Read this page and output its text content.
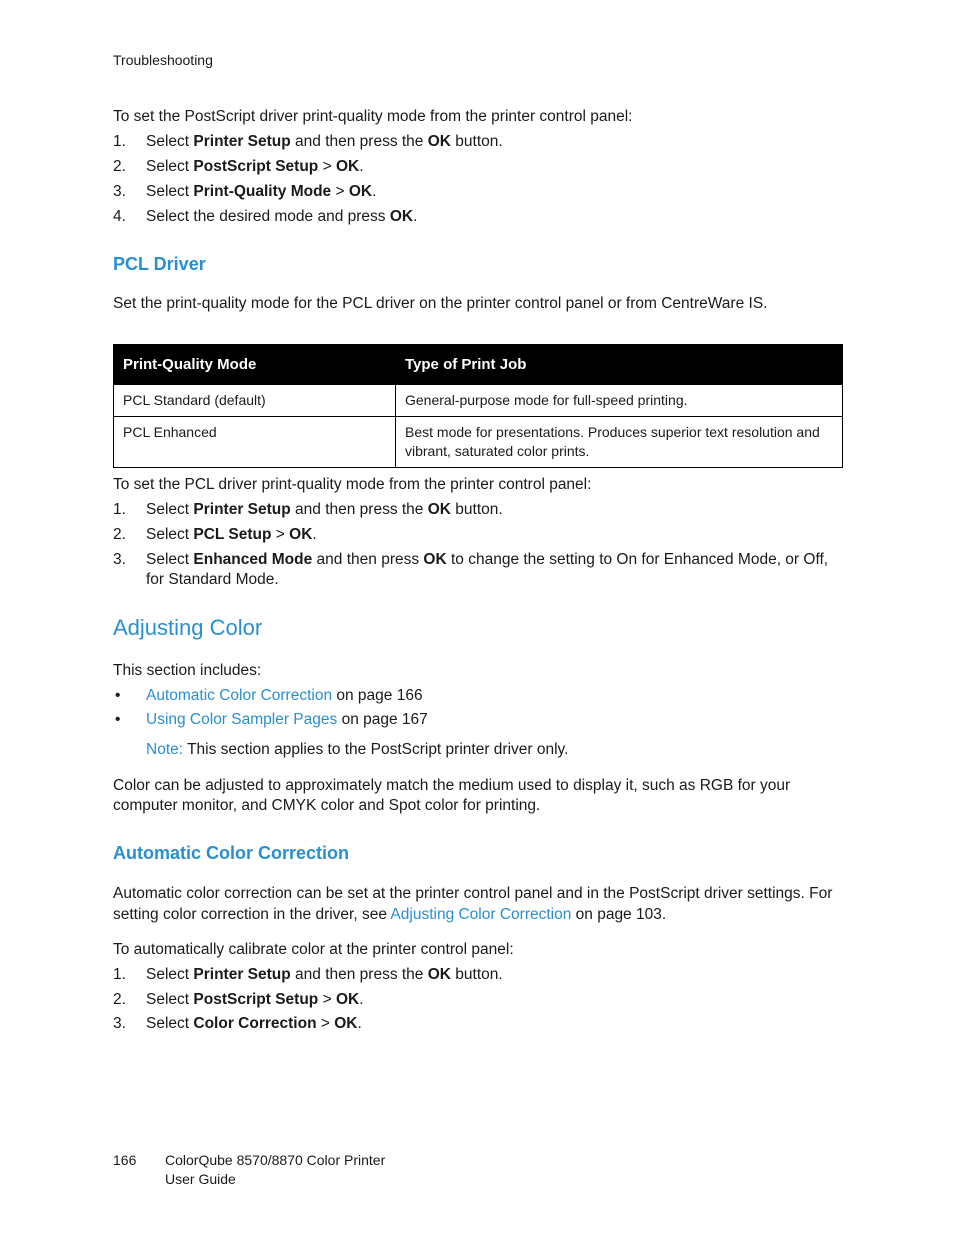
Troubleshooting
To set the PostScript driver print-quality mode from the printer control panel:
1. Select Printer Setup and then press the OK button.
2. Select PostScript Setup > OK.
3. Select Print-Quality Mode > OK.
4. Select the desired mode and press OK.
PCL Driver
Set the print-quality mode for the PCL driver on the printer control panel or from CentreWare IS.
Print-Quality Mode	Type of Print Job
PCL Standard (default)	General-purpose mode for full-speed printing.
PCL Enhanced	Best mode for presentations. Produces superior text resolution and vibrant, saturated color prints.
To set the PCL driver print-quality mode from the printer control panel:
1. Select Printer Setup and then press the OK button.
2. Select PCL Setup > OK.
3. Select Enhanced Mode and then press OK to change the setting to On for Enhanced Mode, or Off, for Standard Mode.
Adjusting Color
This section includes:
• Automatic Color Correction on page 166
• Using Color Sampler Pages on page 167
Note: This section applies to the PostScript printer driver only.
Color can be adjusted to approximately match the medium used to display it, such as RGB for your computer monitor, and CMYK color and Spot color for printing.
Automatic Color Correction
Automatic color correction can be set at the printer control panel and in the PostScript driver settings. For setting color correction in the driver, see Adjusting Color Correction on page 103.
To automatically calibrate color at the printer control panel:
1. Select Printer Setup and then press the OK button.
2. Select PostScript Setup > OK.
3. Select Color Correction > OK.
166 ColorQube 8570/8870 Color Printer
User Guide
